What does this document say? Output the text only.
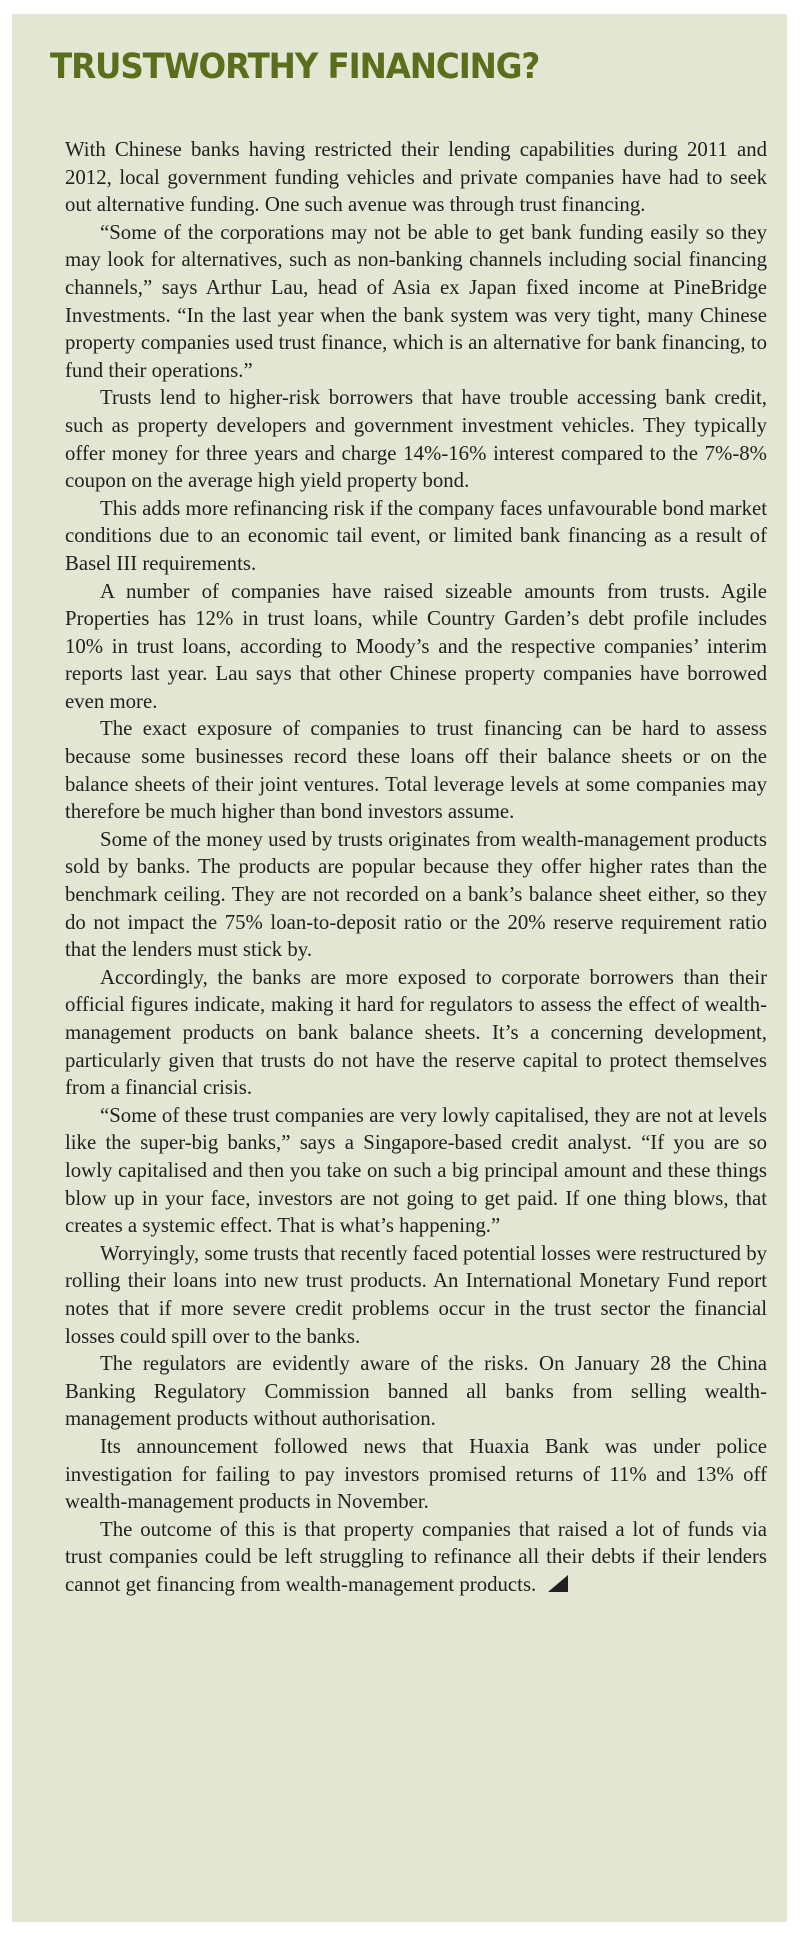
TRUSTWORTHY FINANCING?

With Chinese banks having restricted their lending capabilities during 2011 and 2012, local government funding vehicles and private companies have had to seek out alternative funding. One such avenue was through trust financing.

“Some of the corporations may not be able to get bank funding easily so they may look for alternatives, such as non-banking channels including social financing channels,” says Arthur Lau, head of Asia ex Japan fixed income at PineBridge Investments. “In the last year when the bank system was very tight, many Chinese property companies used trust finance, which is an alternative for bank financing, to fund their operations.”

Trusts lend to higher-risk borrowers that have trouble accessing bank credit, such as property developers and government investment vehicles. They typically offer money for three years and charge 14%-16% interest compared to the 7%-8% coupon on the average high yield property bond.

This adds more refinancing risk if the company faces unfavourable bond market conditions due to an economic tail event, or limited bank financing as a result of Basel III requirements.

A number of companies have raised sizeable amounts from trusts. Agile Properties has 12% in trust loans, while Country Garden’s debt profile includes 10% in trust loans, according to Moody’s and the respective companies’ interim reports last year. Lau says that other Chinese property companies have borrowed even more.

The exact exposure of companies to trust financing can be hard to assess because some businesses record these loans off their balance sheets or on the balance sheets of their joint ventures. Total leverage levels at some companies may therefore be much higher than bond investors assume.

Some of the money used by trusts originates from wealth-management products sold by banks. The products are popular because they offer higher rates than the benchmark ceiling. They are not recorded on a bank’s balance sheet either, so they do not impact the 75% loan-to-deposit ratio or the 20% reserve requirement ratio that the lenders must stick by.

Accordingly, the banks are more exposed to corporate borrowers than their official figures indicate, making it hard for regulators to assess the effect of wealth-management products on bank balance sheets. It’s a concerning development, particularly given that trusts do not have the reserve capital to protect themselves from a financial crisis.

“Some of these trust companies are very lowly capitalised, they are not at levels like the super-big banks,” says a Singapore-based credit analyst. “If you are so lowly capitalised and then you take on such a big principal amount and these things blow up in your face, investors are not going to get paid. If one thing blows, that creates a systemic effect. That is what’s happening.”

Worryingly, some trusts that recently faced potential losses were restructured by rolling their loans into new trust products. An International Monetary Fund report notes that if more severe credit problems occur in the trust sector the financial losses could spill over to the banks.

The regulators are evidently aware of the risks. On January 28 the China Banking Regulatory Commission banned all banks from selling wealth-management products without authorisation.

Its announcement followed news that Huaxia Bank was under police investigation for failing to pay investors promised returns of 11% and 13% off wealth-management products in November.

The outcome of this is that property companies that raised a lot of funds via trust companies could be left struggling to refinance all their debts if their lenders cannot get financing from wealth-management products.
